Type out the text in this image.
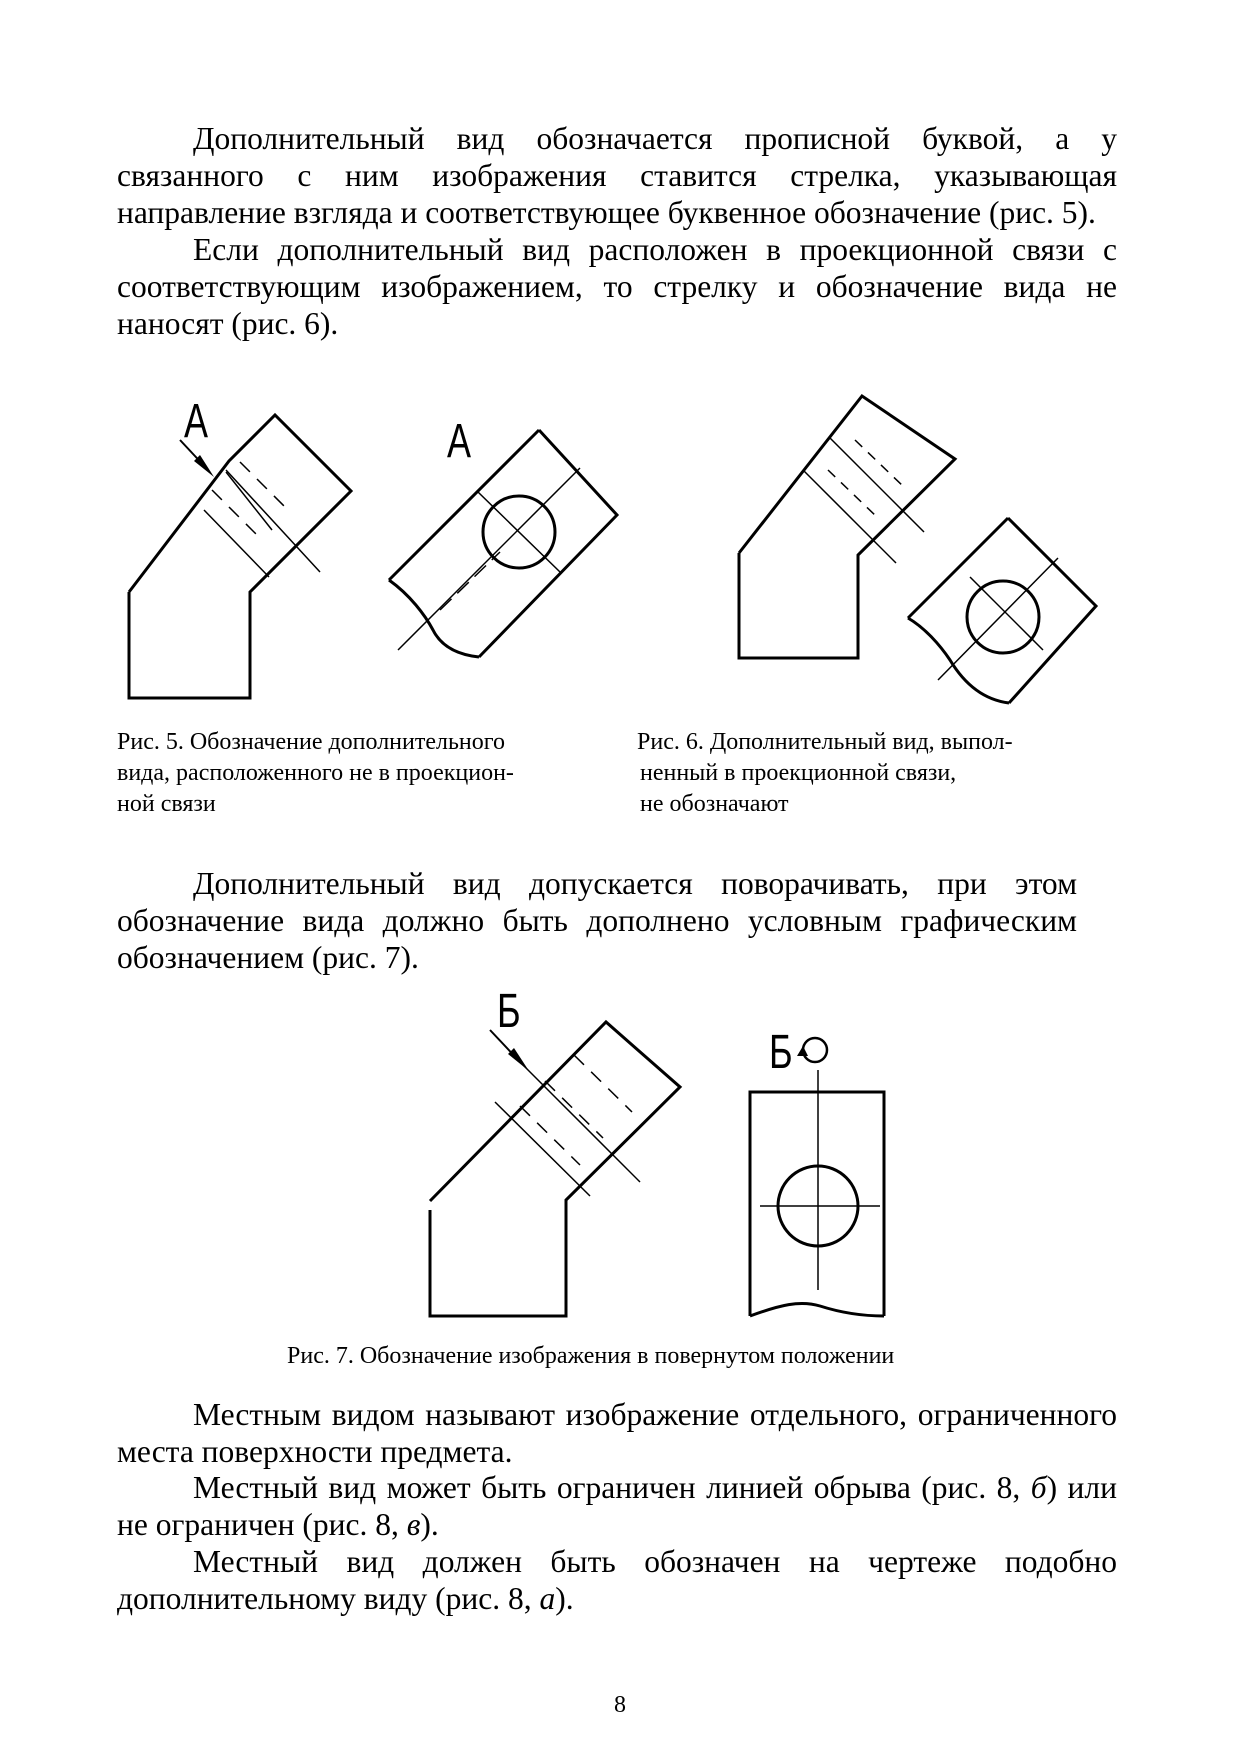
Дополнительный вид обозначается прописной буквой, а у связанного с ним изображения ставится стрелка, указывающая направление взгляда и соответствующее буквенное обозначение (рис. 5).

Если дополнительный вид расположен в проекционной связи с соответствующим изображением, то стрелку и обозначение вида не наносят (рис. 6).

А	А
Рис. 5. Обозначение дополнительного
вида, расположенного не в проекцион-
ной связи
Рис. 6. Дополнительный вид, выпол-
ненный в проекционной связи,
не обозначают

Дополнительный вид допускается поворачивать, при этом обозначение вида должно быть дополнено условным графическим обозначением (рис. 7).

Б
Б
Рис. 7. Обозначение изображения в повернутом положении

Местным видом называют изображение отдельного, ограниченного места поверхности предмета.

Местный вид может быть ограничен линией обрыва (рис. 8, б) или не ограничен (рис. 8, в).

Местный вид должен быть обозначен на чертеже подобно дополнительному виду (рис. 8, а).

8
